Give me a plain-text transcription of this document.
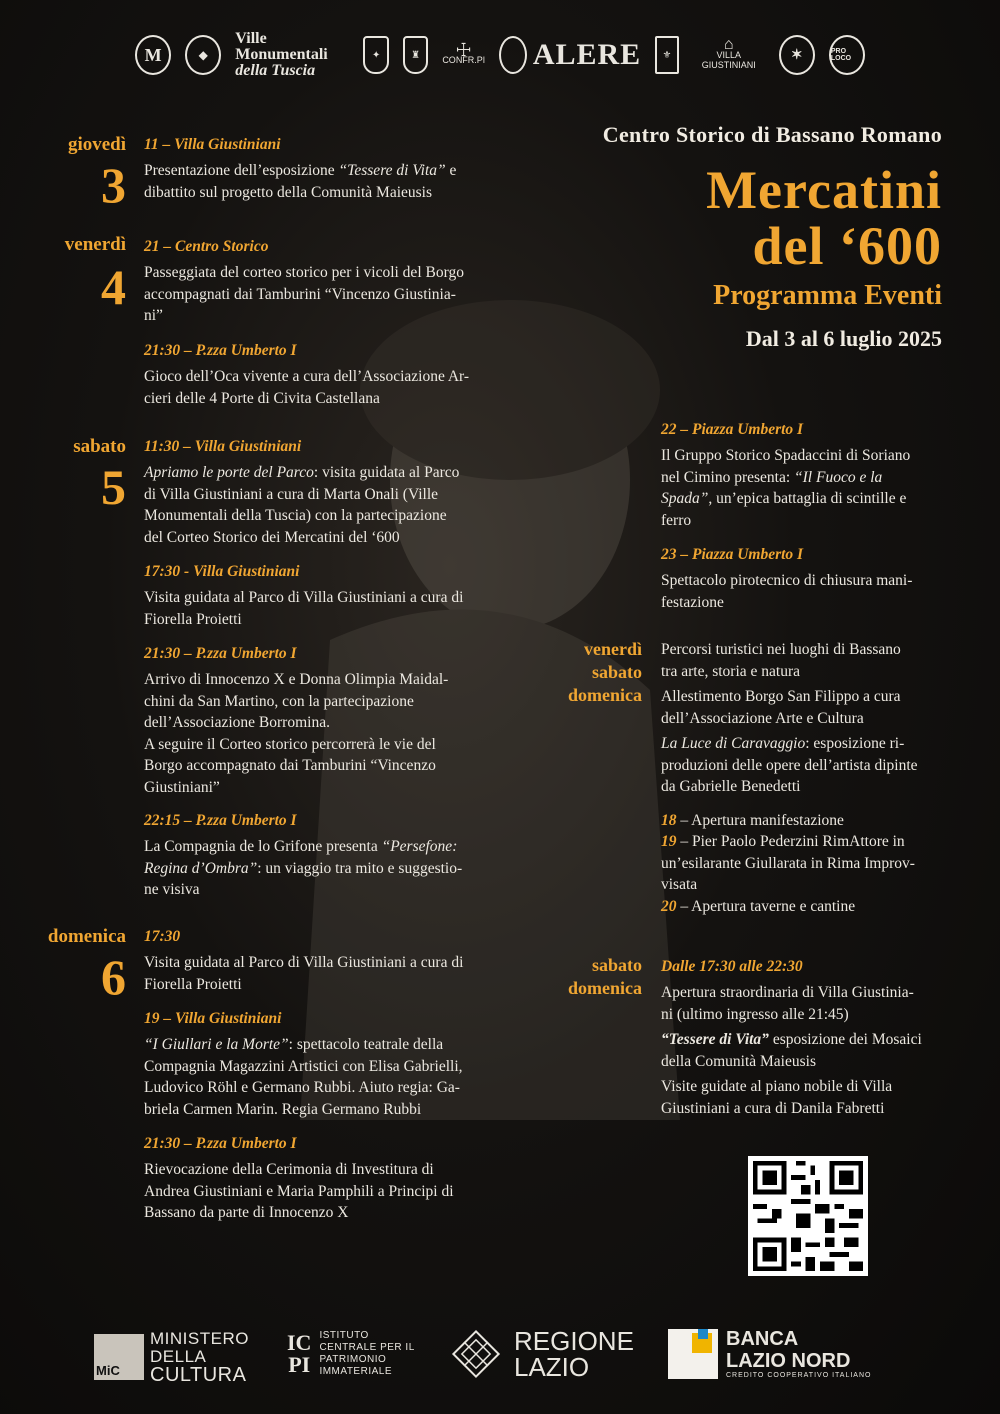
M	◆
Ville Monumentali
della Tuscia
✦	♜	☩
CONFR.Pl ALERE	⚜
⌂
VILLA GIUSTINIANI
✶	PRO LOCO
Centro Storico di Bassano Romano
Mercatini
del ‘600
Programma Eventi
Dal 3 al 6 luglio 2025
giovedì
3
11 – Villa Giustiniani
Presentazione dell’esposizione “Tessere di Vita” e
dibattito sul progetto della Comunità Maieusis
venerdì
4
21 – Centro Storico
Passeggiata del corteo storico per i vicoli del Borgo
accompagnati dai Tamburini “Vincenzo Giustinia-
ni”
21:30 – P.zza Umberto I
Gioco dell’Oca vivente a cura dell’Associazione Ar-
cieri delle 4 Porte di Civita Castellana
sabato
5
11:30 – Villa Giustiniani
Apriamo le porte del Parco: visita guidata al Parco
di Villa Giustiniani a cura di Marta Onali (Ville
Monumentali della Tuscia) con la partecipazione
del Corteo Storico dei Mercatini del ‘600
17:30 - Villa Giustiniani
Visita guidata al Parco di Villa Giustiniani a cura di
Fiorella Proietti
21:30 – P.zza Umberto I
Arrivo di Innocenzo X e Donna Olimpia Maidal-
chini da San Martino, con la partecipazione
dell’Associazione Borromina.
A seguire il Corteo storico percorrerà le vie del
Borgo accompagnato dai Tamburini “Vincenzo
Giustiniani”
22:15 – P.zza Umberto I
La Compagnia de lo Grifone presenta “Persefone:
Regina d’Ombra”: un viaggio tra mito e suggestio-
ne visiva
domenica
6
17:30
Visita guidata al Parco di Villa Giustiniani a cura di
Fiorella Proietti
19 – Villa Giustiniani
“I Giullari e la Morte”: spettacolo teatrale della
Compagnia Magazzini Artistici con Elisa Gabrielli,
Ludovico Röhl e Germano Rubbi. Aiuto regia: Ga-
briela Carmen Marin. Regia Germano Rubbi
21:30 – P.zza Umberto I
Rievocazione della Cerimonia di Investitura di
Andrea Giustiniani e Maria Pamphili a Principi di
Bassano da parte di Innocenzo X
22 – Piazza Umberto I
Il Gruppo Storico Spadaccini di Soriano
nel Cimino presenta: “Il Fuoco e la
Spada”, un’epica battaglia di scintille e
ferro
23 – Piazza Umberto I
Spettacolo pirotecnico di chiusura mani-
festazione
venerdì
sabato
domenica
Percorsi turistici nei luoghi di Bassano
tra arte, storia e natura
Allestimento Borgo San Filippo a cura
dell’Associazione Arte e Cultura
La Luce di Caravaggio: esposizione ri-
produzioni delle opere dell’artista dipinte
da Gabrielle Benedetti
18 – Apertura manifestazione
19 – Pier Paolo Pederzini RimAttore in
un’esilarante Giullarata in Rima Improv-
visata
20 – Apertura taverne e cantine
sabato
domenica
Dalle 17:30 alle 22:30
Apertura straordinaria di Villa Giustinia-
ni (ultimo ingresso alle 21:45)
“Tessere di Vita” esposizione dei Mosaici
della Comunità Maieusis
Visite guidate al piano nobile di Villa
Giustiniani a cura di Danila Fabretti
MiC
MINISTERO
DELLA
CULTURA
IC
PI
ISTITUTO
CENTRALE PER IL
PATRIMONIO
IMMATERIALE
REGIONE
LAZIO
BANCA
LAZIO NORD
CREDITO COOPERATIVO ITALIANO
